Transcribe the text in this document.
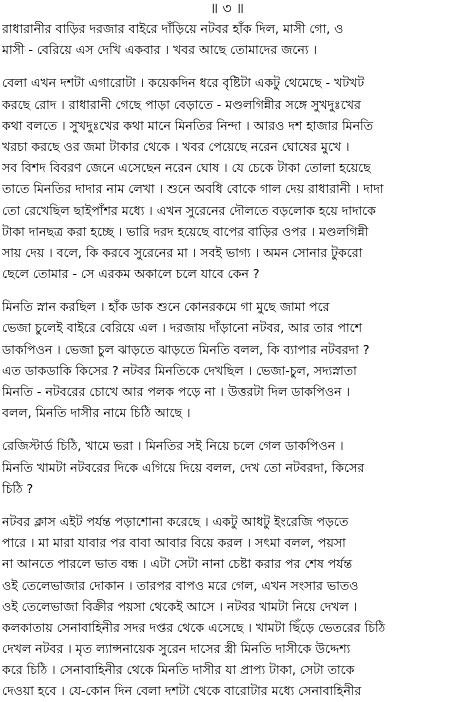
॥ ৩ ॥
রাধারানীর বাড়ির দরজার বাইরে দাঁড়িয়ে নটবর হাঁক দিল, মাসী গো, ও
মাসী - বেরিয়ে এস দেখি একবার । খবর আছে তোমাদের জন্যে ।
বেলা এখন দশটা এগারোটা । কয়েকদিন ধরে বৃষ্টিটা একটু থেমেছে - খটখট
করছে রোদ । রাধারানী গেছে পাড়া বেড়াতে - মণ্ডলগিন্নীর সঙ্গে সুখদুঃখের
কথা বলতে । সুখদুঃখের কথা মানে মিনতির নিন্দা । আরও দশ হাজার মিনতি
খরচা করছে ওর জমা টাকার থেকে । খবর পেয়েছে নরেন ঘোষের মুখে ।
সব বিশদ বিবরণ জেনে এসেছেন নরেন ঘোষ । যে চেকে টাকা তোলা হয়েছে
তাতে মিনতির দাদার নাম লেখা । শুনে অবধি বোকে গাল দেয় রাধারানী । দাদা
তো রেখেছিল ছাইপাঁশর মধ্যে । এখন সুরেনের দৌলতে বড়লোক হয়ে দাদাকে
টাকা দানছত্র করা হচ্ছে । ভারি দরদ হয়েছে বাপের বাড়ির ওপর । মণ্ডলগিন্নী
সায় দেয় । বলে, কি করবে সুরেনের মা । সবই ভাগ্য । অমন সোনার টুকরো
ছেলে তোমার - সে এরকম অকালে চলে যাবে কেন ?
মিনতি স্নান করছিল । হাঁক ডাক শুনে কোনরকমে গা মুছে জামা পরে
ভেজা চুলেই বাইরে বেরিয়ে এল । দরজায় দাঁড়ানো নটবর, আর তার পাশে
ডাকপিওন । ভেজা চুল ঝাড়তে ঝাড়তে মিনতি বলল, কি ব্যাপার নটবরদা ?
এত ডাকডাকি কিসের ? নটবর মিনতিকে দেখছিল । ভেজা-চুল, সদ্যস্নাতা
মিনতি - নটবরের চোখে আর পলক পড়ে না । উত্তরটা দিল ডাকপিওন ।
বলল, মিনতি দাসীর নামে চিঠি আছে ।
রেজিস্টার্ড চিঠি, খামে ভরা । মিনতির সই নিয়ে চলে গেল ডাকপিওন ।
মিনতি খামটা নটবরের দিকে এগিয়ে দিয়ে বলল, দেখ তো নটবরদা, কিসের
চিঠি ?
নটবর ক্লাস এইট পর্যন্ত পড়াশোনা করেছে । একটু আধটু ইংরেজি পড়তে
পারে । মা মারা যাবার পর বাবা আবার বিয়ে করল । সৎমা বলল, পয়সা
না আনতে পারলে ভাত বন্ধ । এটা সেটা নানা চেষ্টা করার পর শেষ পর্যন্ত
ওই তেলেভাজার দোকান । তারপর বাপও মরে গেল, এখন সংসার ভাতও
ওই তেলেভাজা বিক্রীর পয়সা থেকেই আসে । নটবর খামটা নিয়ে দেখল ।
কলকাতায় সেনাবাহিনীর সদর দপ্তর থেকে এসেছে । খামটা ছিঁড়ে ভেতরের চিঠি
দেখল নটবর । মৃত ল্যান্সনায়েক সুরেন দাসের স্ত্রী মিনতি দাসীকে উদ্দেশ্য
করে চিঠি । সেনাবাহিনীর থেকে মিনতি দাসীর যা প্রাপ্য টাকা, সেটা তাকে
দেওয়া হবে । যে-কোন দিন বেলা দশটা থেকে বারোটার মধ্যে সেনাবাহিনীর
